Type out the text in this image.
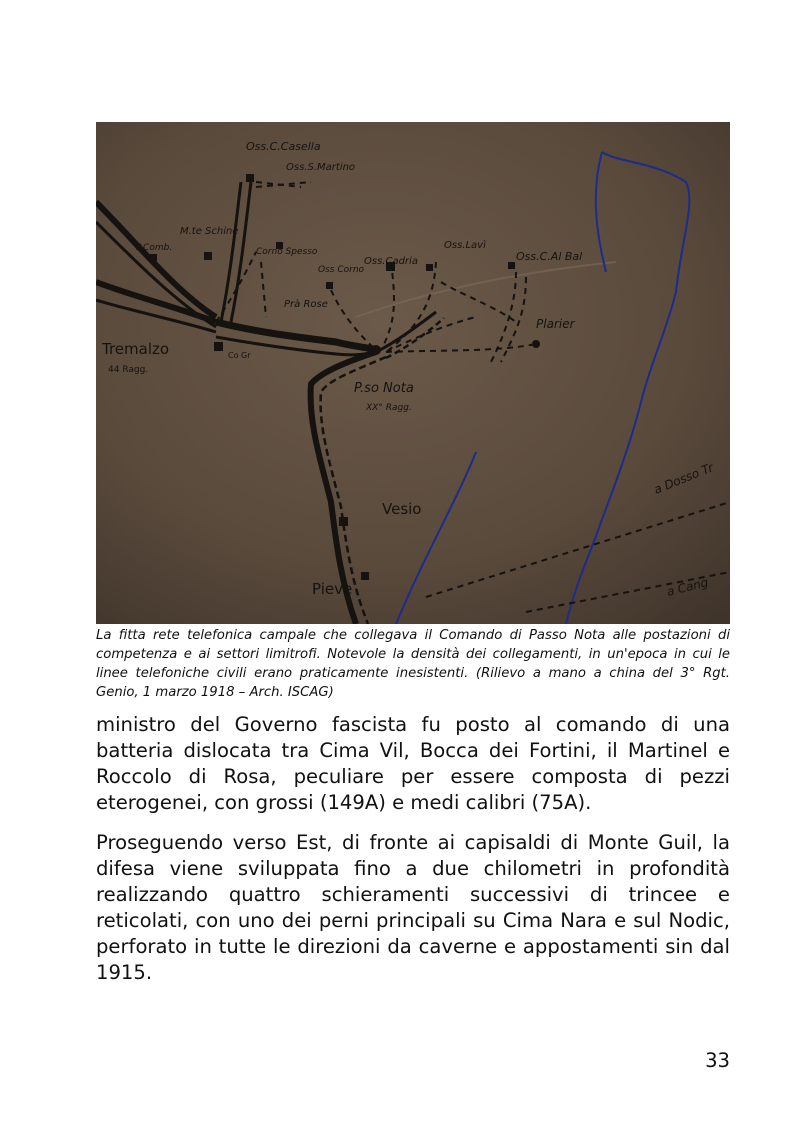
Oss.C.Casella
Oss.S.Martino
M.te Schine
P.Comb.	Corno Spesso
Oss Corno
Oss.Cadria
Oss.Lavì
Oss.C.Al Bal
Prà Rose
Plarier
Tremalzo
44 Ragg.
Co Gr
P.so Nota
XX° Ragg.
Vesio
Pieve
a Dosso Tr
a Cang
La fitta rete telefonica campale che collegava il Comando di Passo Nota alle postazioni di competenza e ai settori limitrofi. Notevole la densità dei collegamenti, in un'epoca in cui le linee telefoniche civili erano praticamente inesistenti. (Rilievo a mano a china del 3° Rgt. Genio, 1 marzo 1918 – Arch. ISCAG)
ministro del Governo fascista fu posto al comando di una batteria dislocata tra Cima Vil, Bocca dei Fortini, il Martinel e Roccolo di Rosa, peculiare per essere composta di pezzi eterogenei, con grossi (149A) e medi calibri (75A).
Proseguendo verso Est, di fronte ai capisaldi di Monte Guil, la difesa viene sviluppata fino a due chilometri in profondità realizzando quattro schieramenti successivi di trincee e reticolati, con uno dei perni principali su Cima Nara e sul Nodic, perforato in tutte le direzioni da caverne e appostamenti sin dal 1915.
33
